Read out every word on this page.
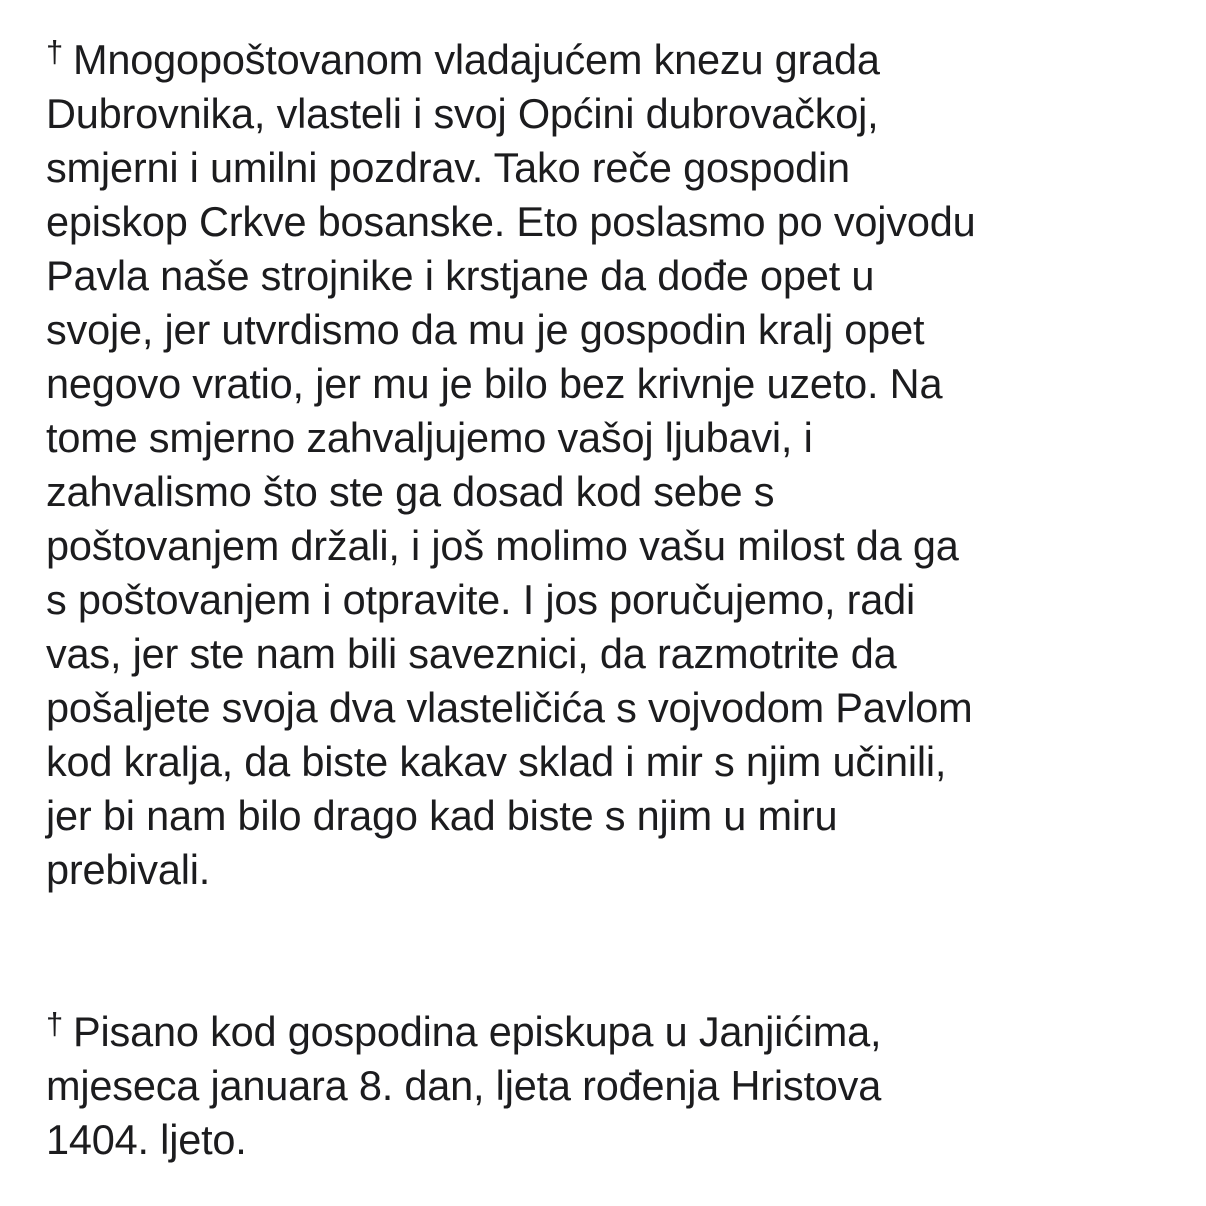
† Mnogopoštovanom vladajućem knezu grada
Dubrovnika, vlasteli i svoj Općini dubrovačkoj,
smjerni i umilni pozdrav. Tako reče gospodin
episkop Crkve bosanske. Eto poslasmo po vojvodu
Pavla naše strojnike i krstjane da dođe opet u
svoje, jer utvrdismo da mu je gospodin kralj opet
negovo vratio, jer mu je bilo bez krivnje uzeto. Na
tome smjerno zahvaljujemo vašoj ljubavi, i
zahvalismo što ste ga dosad kod sebe s
poštovanjem držali, i još molimo vašu milost da ga
s poštovanjem i otpravite. I jos poručujemo, radi
vas, jer ste nam bili saveznici, da razmotrite da
pošaljete svoja dva vlasteličića s vojvodom Pavlom
kod kralja, da biste kakav sklad i mir s njim učinili,
jer bi nam bilo drago kad biste s njim u miru
prebivali.
† Pisano kod gospodina episkupa u Janjićima,
mjeseca januara 8. dan, ljeta rođenja Hristova
1404. ljeto.
